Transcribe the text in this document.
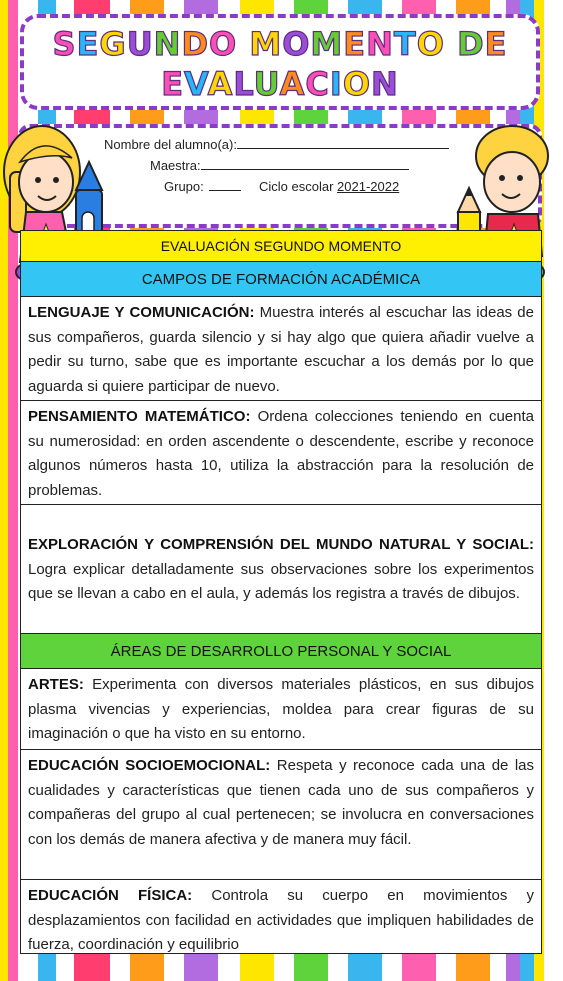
SEGUNDO MOMENTO DE
EVALUACION
Nombre del alumno(a):
Maestra:
Grupo:	Ciclo escolar 2021-2022
EVALUACIÓN SEGUNDO MOMENTO
CAMPOS DE FORMACIÓN ACADÉMICA
LENGUAJE Y COMUNICACIÓN: Muestra interés al escuchar las ideas de sus compañeros, guarda silencio y si hay algo que quiera añadir vuelve a pedir su turno, sabe que es importante escuchar a los demás por lo que aguarda si quiere participar de nuevo.
PENSAMIENTO MATEMÁTICO: Ordena colecciones teniendo en cuenta su numerosidad: en orden ascendente o descendente, escribe y reconoce algunos números hasta 10, utiliza la abstracción para la resolución de problemas.
EXPLORACIÓN Y COMPRENSIÓN DEL MUNDO NATURAL Y SOCIAL: Logra explicar detalladamente sus observaciones sobre los experimentos que se llevan a cabo en el aula, y además los registra a través de dibujos.
ÁREAS DE DESARROLLO PERSONAL Y SOCIAL
ARTES: Experimenta con diversos materiales plásticos, en sus dibujos plasma vivencias y experiencias, moldea para crear figuras de su imaginación o que ha visto en su entorno.
EDUCACIÓN SOCIOEMOCIONAL: Respeta y reconoce cada una de las cualidades y características que tienen cada uno de sus compañeros y compañeras del grupo al cual pertenecen; se involucra en conversaciones con los demás de manera afectiva y de manera muy fácil.
EDUCACIÓN FÍSICA: Controla su cuerpo en movimientos y desplazamientos con facilidad en actividades que impliquen habilidades de fuerza, coordinación y equilibrio
